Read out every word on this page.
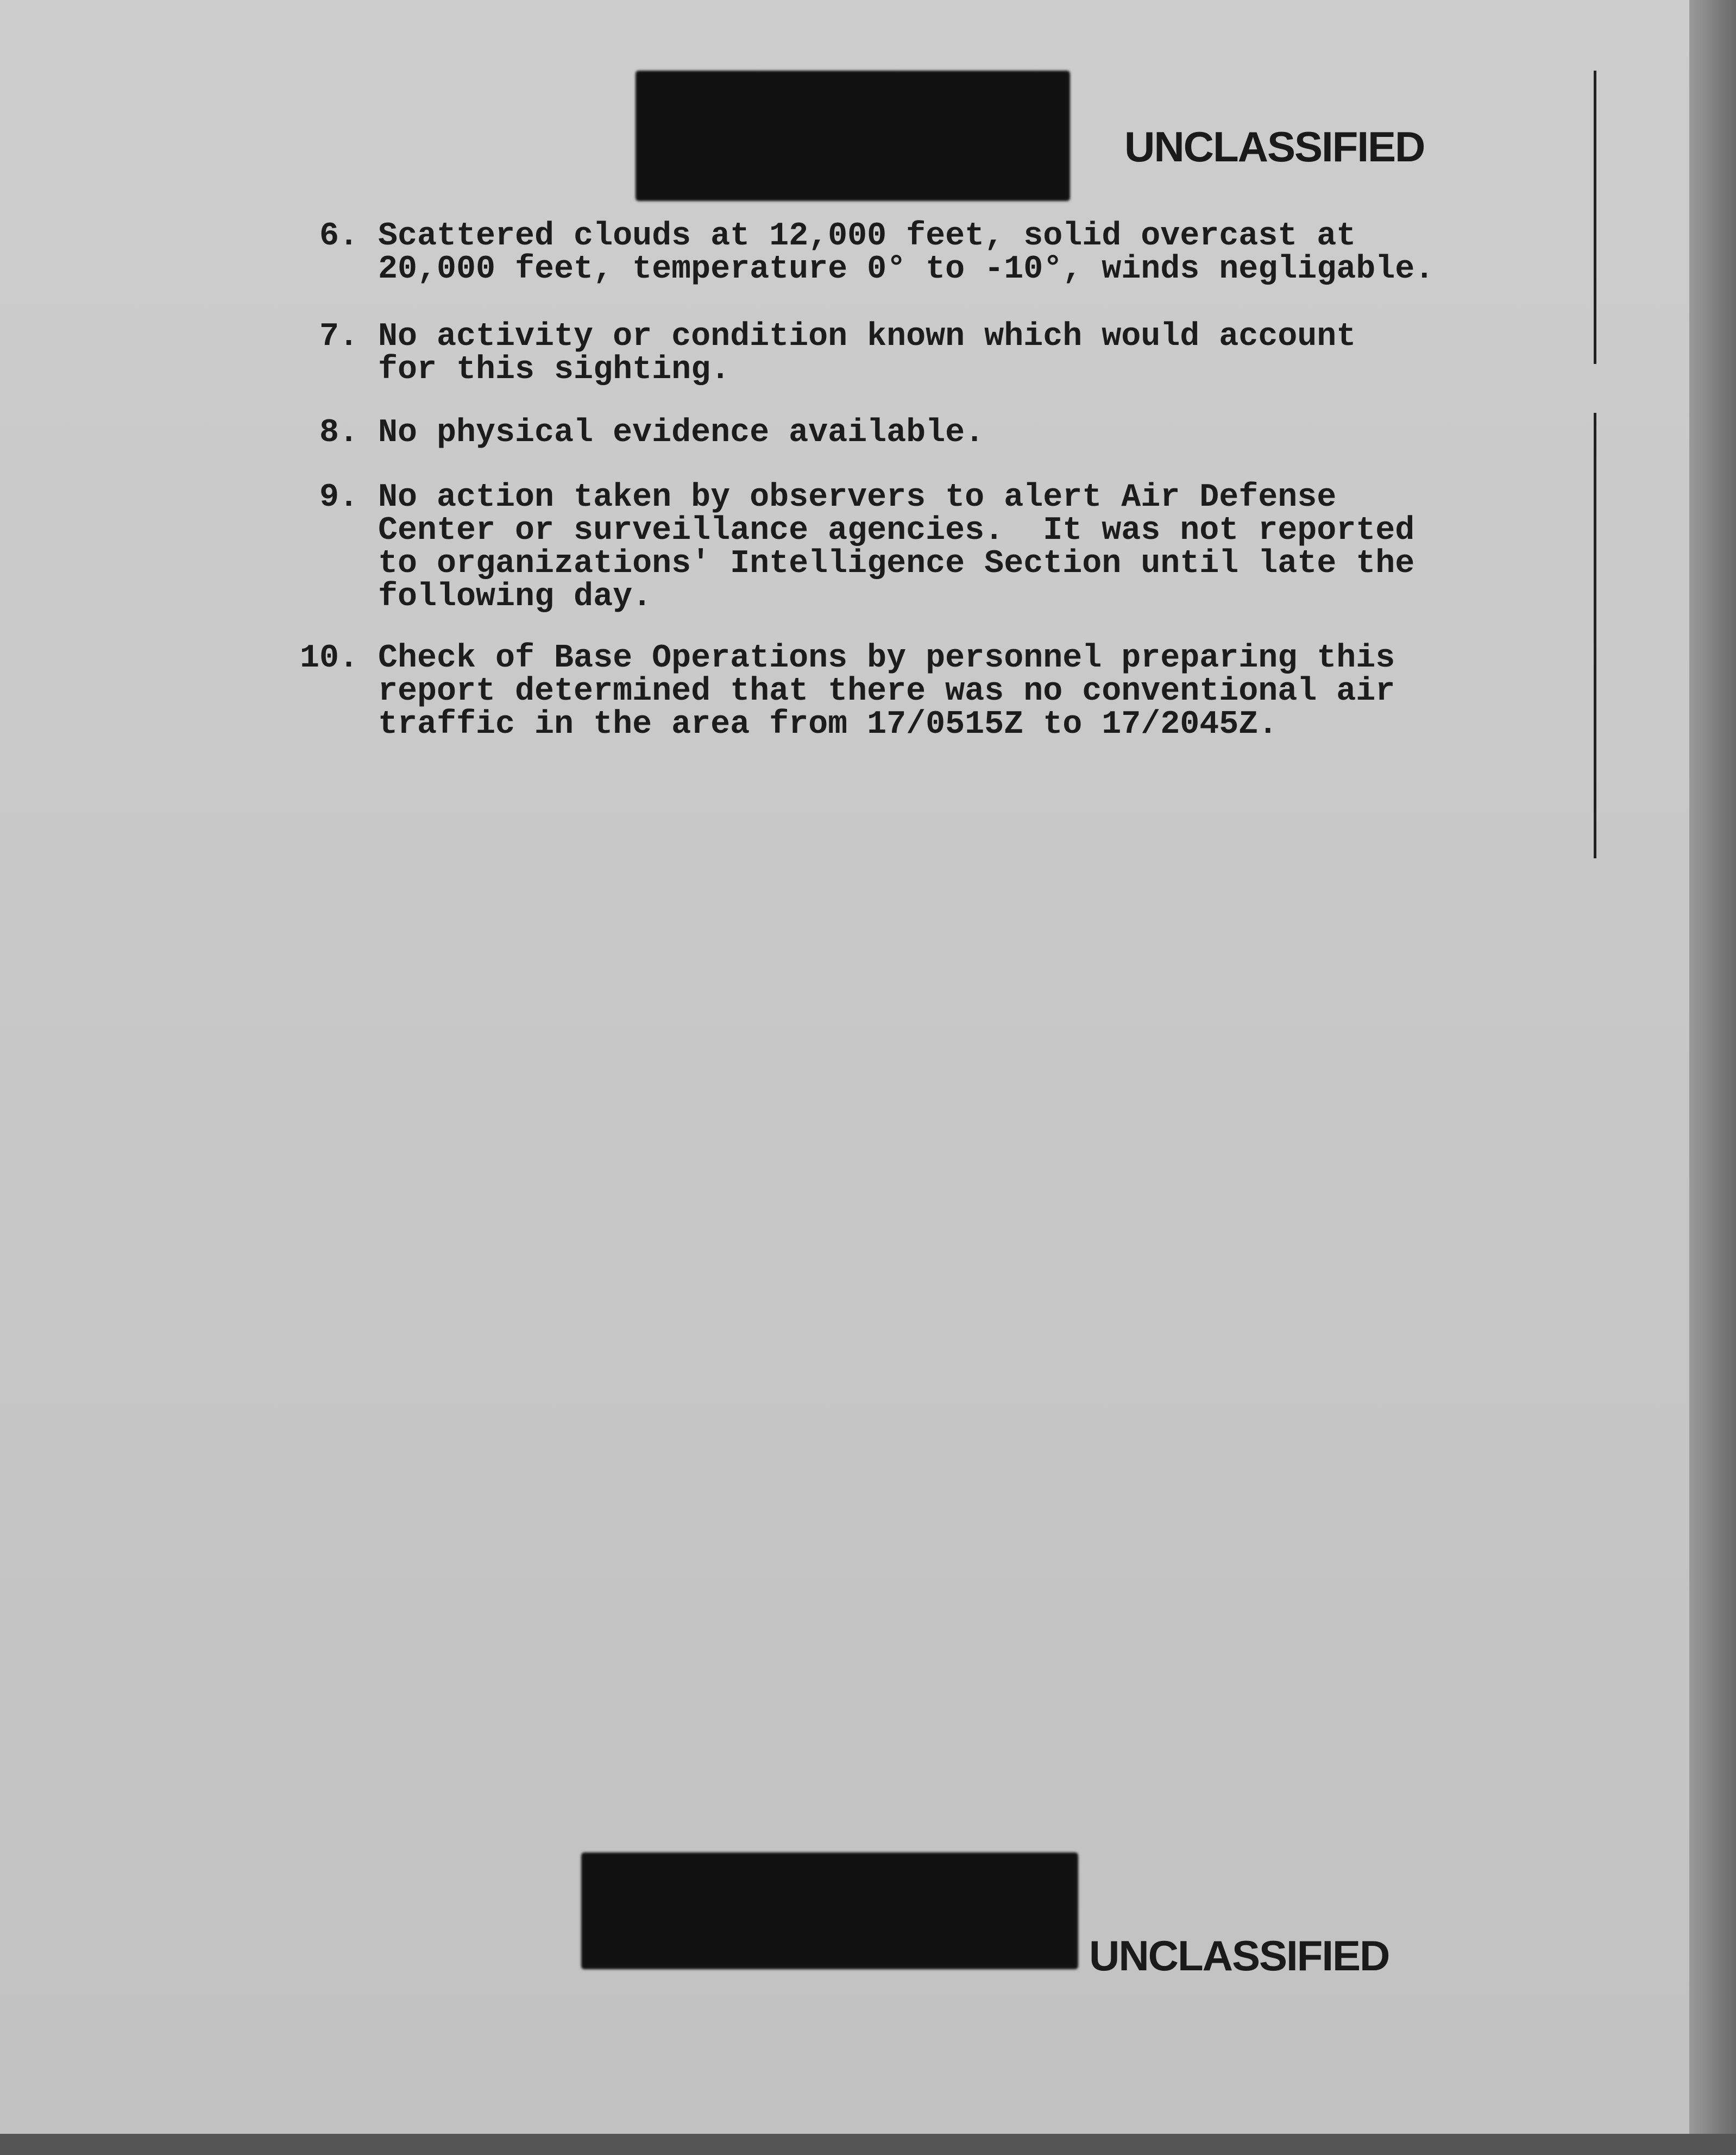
UNCLASSIFIED
6. Scattered clouds at 12,000 feet, solid overcast at
20,000 feet, temperature 0° to -10°, winds negligable.
7. No activity or condition known which would account
for this sighting.
8. No physical evidence available.
9. No action taken by observers to alert Air Defense
Center or surveillance agencies.  It was not reported
to organizations' Intelligence Section until late the
following day.
10. Check of Base Operations by personnel preparing this
report determined that there was no conventional air
traffic in the area from 17/0515Z to 17/2045Z.
UNCLASSIFIED
